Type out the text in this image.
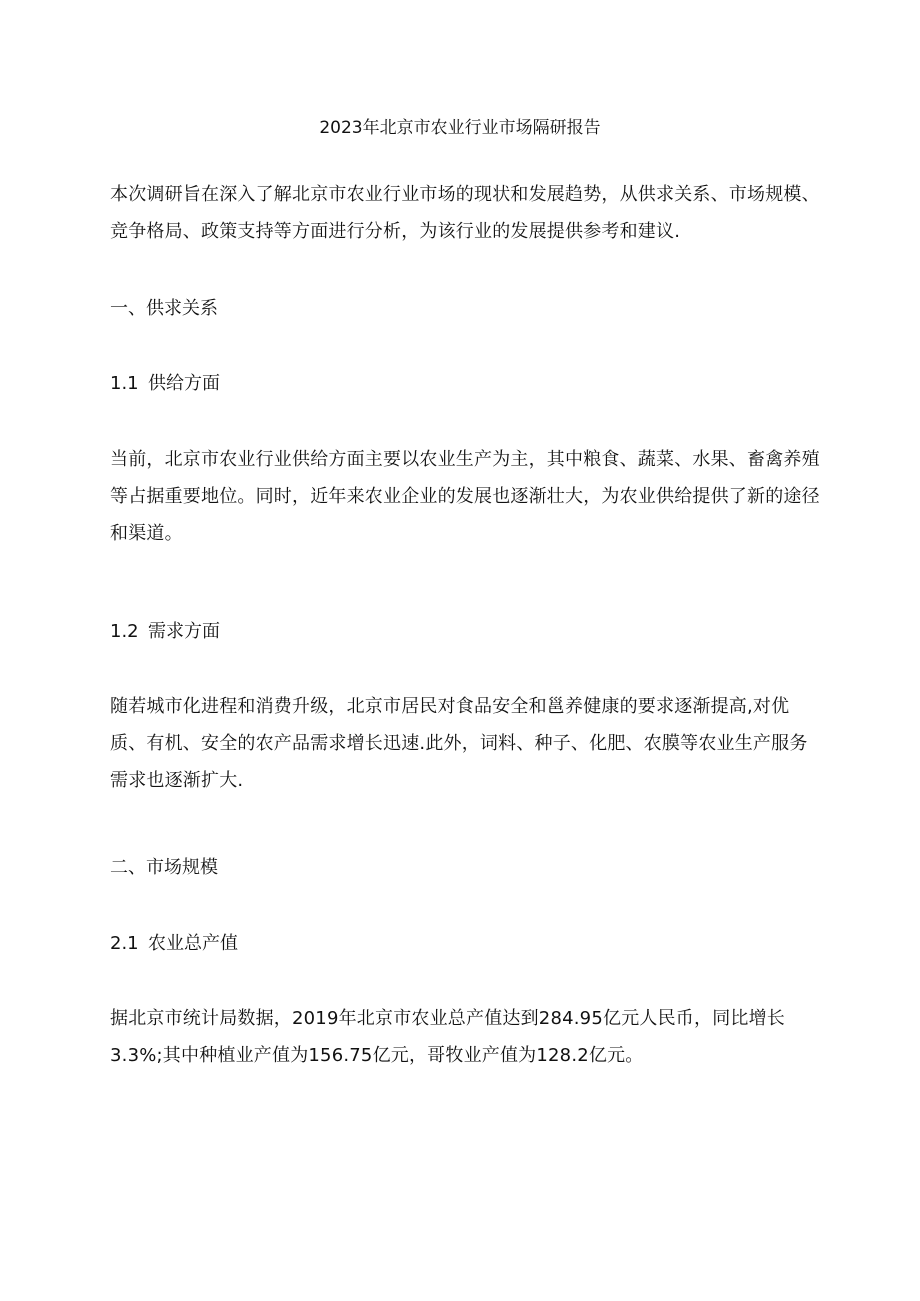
2023年北京市农业行业市场隔研报告
本次调研旨在深入了解北京市农业行业市场的现状和发展趋势，从供求关系、市场规模、竞争格局、政策支持等方面进行分析，为该行业的发展提供参考和建议.
一、供求关系
1.1 供给方面
当前，北京市农业行业供给方面主要以农业生产为主，其中粮食、蔬菜、水果、畜禽养殖等占据重要地位。同时，近年来农业企业的发展也逐渐壮大，为农业供给提供了新的途径和渠道。
1.2 需求方面
随若城市化进程和消费升级，北京市居民对食品安全和邕养健康的要求逐渐提高,对优质、有机、安全的农产品需求增长迅速.此外，词料、种子、化肥、农膜等农业生产服务需求也逐渐扩大.
二、市场规模
2.1 农业总产值
据北京市统计局数据，2019年北京市农业总产值达到284.95亿元人民币，同比增长3.3%;其中种植业产值为156.75亿元，哥牧业产值为128.2亿元。
